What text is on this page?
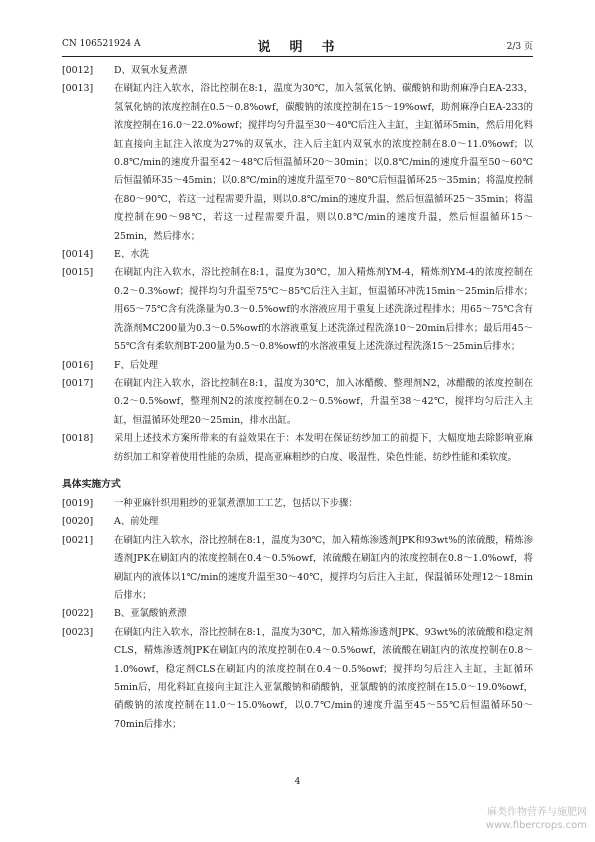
CN 106521924 A	说　明　书	2/3 页

[0012] D、双氧水复煮漂

[0013] 在刷缸内注入软水，浴比控制在8:1，温度为30℃，加入氢氧化钠、碳酸钠和助剂麻净白EA-233，氢氧化钠的浓度控制在0.5～0.8%owf，碳酸钠的浓度控制在15～19%owf，助剂麻净白EA-233的浓度控制在16.0～22.0%owf；搅拌均匀升温至30～40℃后注入主缸，主缸循环5min，然后用化料缸直接向主缸注入浓度为27%的双氧水，注入后主缸内双氧水的浓度控制在8.0～11.0%owf；以0.8℃/min的速度升温至42～48℃后恒温循环20～30min；以0.8℃/min的速度升温至50～60℃后恒温循环35～45min；以0.8℃/min的速度升温至70～80℃后恒温循环25～35min；将温度控制在80～90℃，若这一过程需要升温，则以0.8℃/min的速度升温，然后恒温循环25～35min；将温度控制在90～98℃，若这一过程需要升温，则以0.8℃/min的速度升温，然后恒温循环15～25min，然后排水；

[0014] E、水洗

[0015] 在刷缸内注入软水，浴比控制在8:1，温度为30℃，加入精炼剂YM-4，精炼剂YM-4的浓度控制在0.2～0.3%owf；搅拌均匀升温至75℃～85℃后注入主缸，恒温循环冲洗15min～25min后排水；用65～75℃含有洗涤量为0.3～0.5%owf的水溶液应用于重复上述洗涤过程排水；用65～75℃含有洗涤剂MC200量为0.3～0.5%owf的水溶液重复上述洗涤过程洗涤10～20min后排水；最后用45～55℃含有柔软剂BT-200量为0.5～0.8%owf的水溶液重复上述洗涤过程洗涤15～25min后排水；

[0016] F、后处理

[0017] 在刷缸内注入软水，浴比控制在8:1，温度为30℃，加入冰醋酸、整理剂N2，冰醋酸的浓度控制在0.2～0.5%owf，整理剂N2的浓度控制在0.2～0.5%owf，升温至38～42℃，搅拌均匀后注入主缸，恒温循环处理20～25min，排水出缸。

[0018] 采用上述技术方案所带来的有益效果在于：本发明在保证纺纱加工的前提下，大幅度地去除影响亚麻纺织加工和穿着使用性能的杂质，提高亚麻粗纱的白度、吸湿性、染色性能、纺纱性能和柔软度。

具体实施方式

[0019] 一种亚麻针织用粗纱的亚氯煮漂加工工艺，包括以下步骤：

[0020] A、前处理

[0021] 在刷缸内注入软水，浴比控制在8:1，温度为30℃，加入精炼渗透剂JPK和93wt%的浓硫酸，精炼渗透剂JPK在刷缸内的浓度控制在0.4～0.5%owf，浓硫酸在刷缸内的浓度控制在0.8～1.0%owf，将刷缸内的液体以1℃/min的速度升温至30～40℃，搅拌均匀后注入主缸，保温循环处理12～18min后排水；

[0022] B、亚氯酸钠煮漂

[0023] 在刷缸内注入软水，浴比控制在8:1，温度为30℃，加入精炼渗透剂JPK、93wt%的浓硫酸和稳定剂CLS，精炼渗透剂JPK在刷缸内的浓度控制在0.4～0.5%owf，浓硫酸在刷缸内的浓度控制在0.8～1.0%owf，稳定剂CLS在刷缸内的浓度控制在0.4～0.5%owf；搅拌均匀后注入主缸，主缸循环5min后，用化料缸直接向主缸注入亚氯酸钠和硝酸钠，亚氯酸钠的浓度控制在15.0～19.0%owf，硝酸钠的浓度控制在11.0～15.0%owf，以0.7℃/min的速度升温至45～55℃后恒温循环50～70min后排水；

4
麻类作物营养与施肥网
www.fibercrops.com
